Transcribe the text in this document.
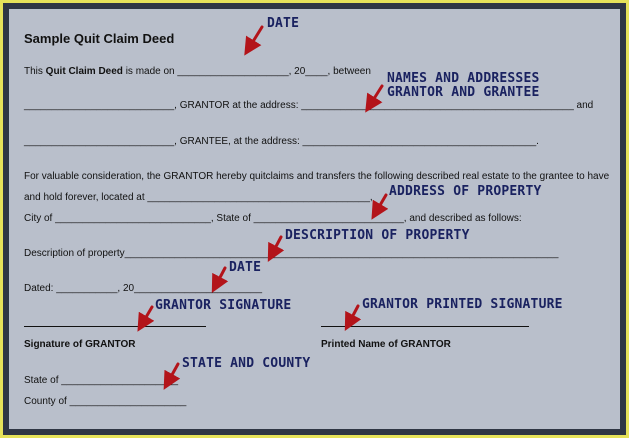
Sample Quit Claim Deed
This Quit Claim Deed is made on ____________________, 20____, between
___________________________, GRANTOR at the address: _________________________________________________ and
___________________________, GRANTEE, at the address: __________________________________________.
For valuable consideration, the GRANTOR hereby quitclaims and transfers the following described real estate to the grantee to have
and hold forever, located at ________________________________________,
City of ____________________________, State of ___________________________, and described as follows:
Description of property______________________________________________________________________________
Dated: ___________, 20_______________________
Signature of GRANTOR	Printed Name of GRANTOR
State of _____________________
County of _____________________
DATE
NAMES AND ADDRESSES
GRANTOR AND GRANTEE
ADDRESS OF PROPERTY
DESCRIPTION OF PROPERTY
DATE
GRANTOR SIGNATURE	GRANTOR PRINTED SIGNATURE
STATE AND COUNTY
